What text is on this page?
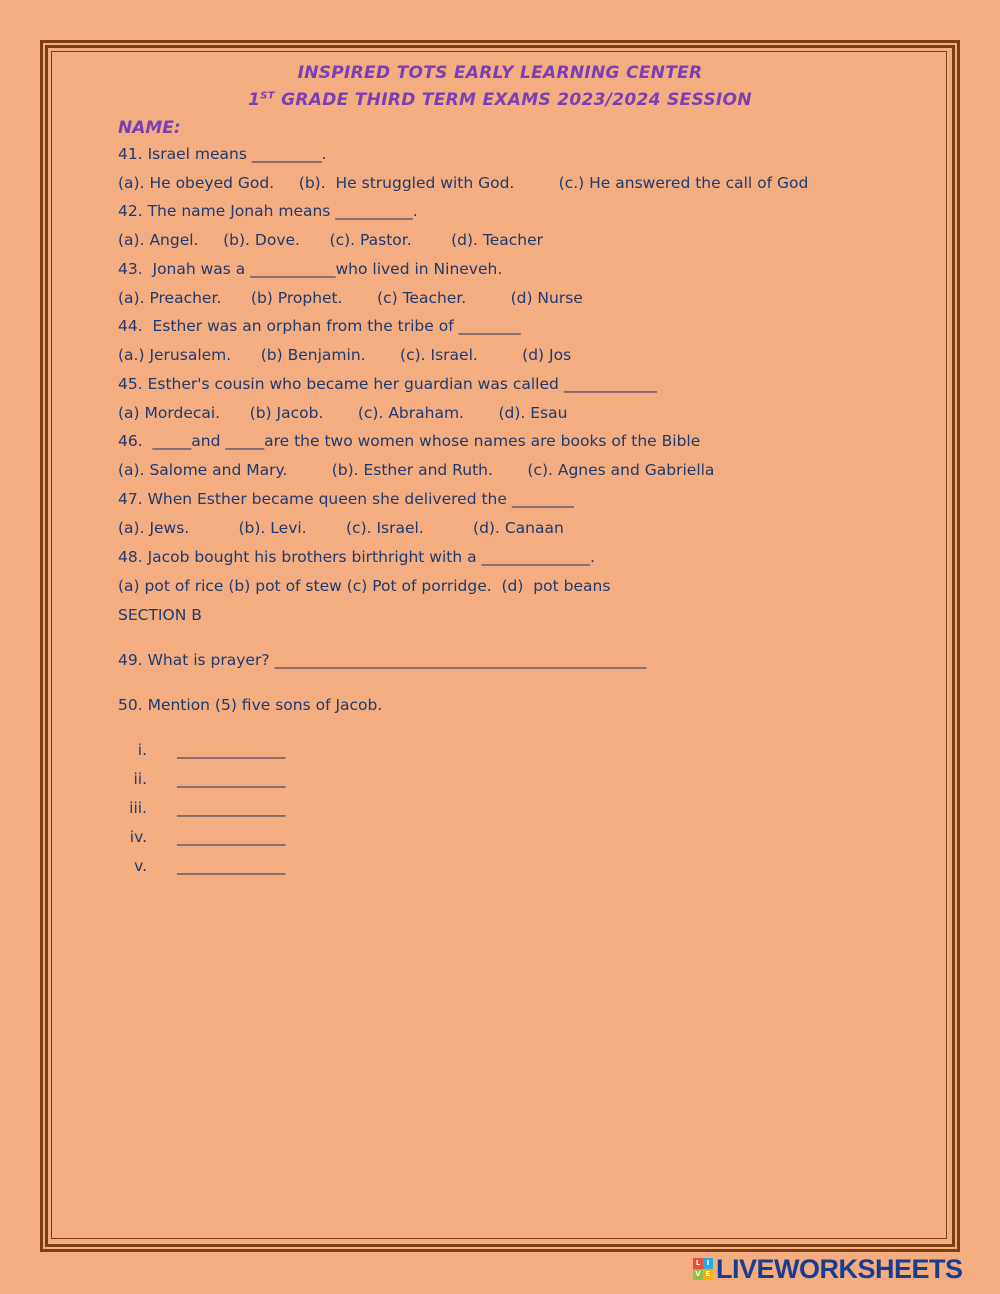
INSPIRED TOTS EARLY LEARNING CENTER
1ST GRADE THIRD TERM EXAMS 2023/2024 SESSION
NAME:
41. Israel means _________.
(a). He obeyed God.     (b).  He struggled with God.         (c.) He answered the call of God
42. The name Jonah means __________.
(a). Angel.     (b). Dove.      (c). Pastor.        (d). Teacher
43.  Jonah was a ___________who lived in Nineveh.
(a). Preacher.      (b) Prophet.       (c) Teacher.         (d) Nurse
44.  Esther was an orphan from the tribe of ________
(a.) Jerusalem.      (b) Benjamin.       (c). Israel.         (d) Jos
45. Esther's cousin who became her guardian was called ____________
(a) Mordecai.      (b) Jacob.       (c). Abraham.       (d). Esau
46.  _____and _____are the two women whose names are books of the Bible
(a). Salome and Mary.         (b). Esther and Ruth.       (c). Agnes and Gabriella
47. When Esther became queen she delivered the ________
(a). Jews.          (b). Levi.        (c). Israel.          (d). Canaan
48. Jacob bought his brothers birthright with a ______________.
(a) pot of rice (b) pot of stew (c) Pot of porridge.  (d)  pot beans
SECTION B
49. What is prayer? ________________________________________________
50. Mention (5) five sons of Jacob.
i. ______________
ii. ______________
iii. ______________
iv. ______________
v. ______________
L I
V E LIVEWORKSHEETS
